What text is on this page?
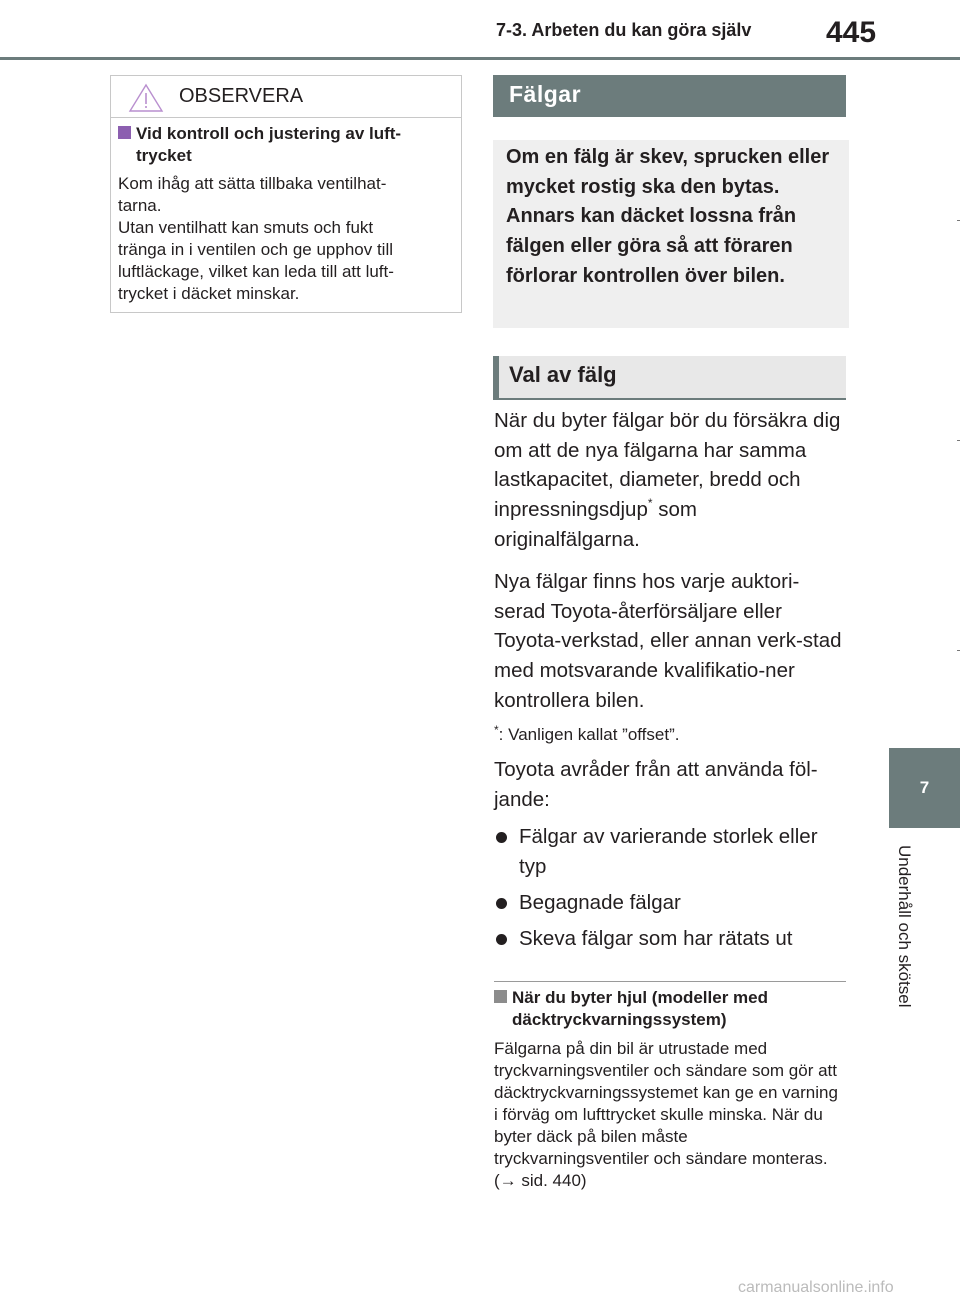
7-3. Arbeten du kan göra själv 445
7
Underhåll och skötsel
OBSERVERA
Vid kontroll och justering av luft-
trycket

Kom ihåg att sätta tillbaka ventilhat-

tarna.

Utan ventilhatt kan smuts och fukt

tränga in i ventilen och ge upphov till

luftläckage, vilket kan leda till att luft-

trycket i däcket minskar.

Fälgar

Om en fälg är skev, sprucken eller mycket rostig ska den bytas. Annars kan däcket lossna från fälgen eller göra så att föraren förlorar kontrollen över bilen.

Val av fälg

När du byter fälgar bör du försäkra dig om att de nya fälgarna har samma lastkapacitet, diameter, bredd och inpressningsdjup* som originalfälgarna.

Nya fälgar finns hos varje auktori-serad Toyota-återförsäljare eller Toyota-verkstad, eller annan verk-stad med motsvarande kvalifikatio-ner kontrollera bilen.

*: Vanligen kallat ”offset”.

Toyota avråder från att använda föl-jande:

Fälgar av varierande storlek eller typ
Begagnade fälgar
Skeva fälgar som har rätats ut
När du byter hjul (modeller med
däcktryckvarningssystem)

Fälgarna på din bil är utrustade med tryckvarningsventiler och sändare som gör att däcktryckvarningssystemet kan ge en varning i förväg om lufttrycket skulle minska. När du byter däck på bilen måste tryckvarningsventiler och sändare monteras. (→ sid. 440)

carmanualsonline.info
